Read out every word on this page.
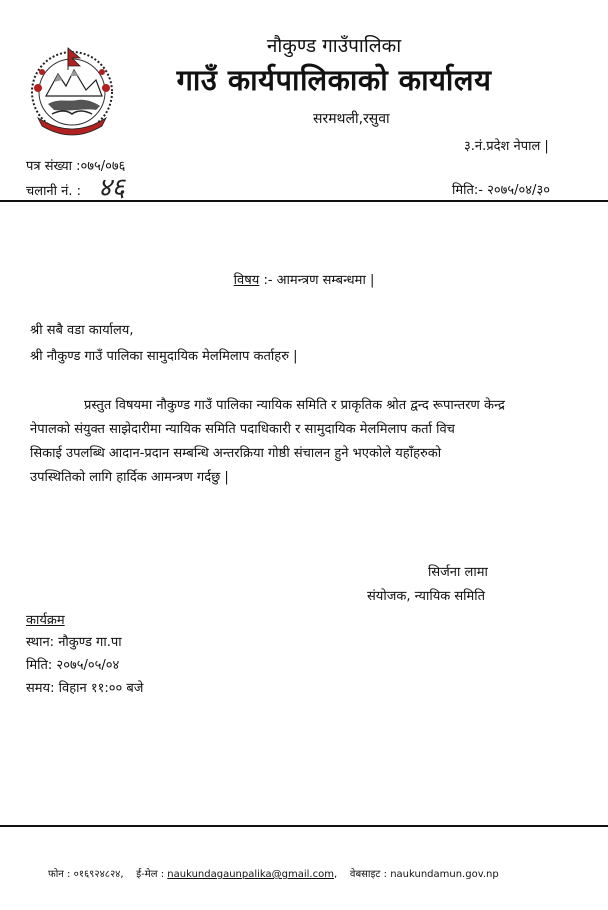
नौकुण्ड गाउँपालिका
गाउँ कार्यपालिकाको कार्यालय
सरमथली,रसुवा
३.नं.प्रदेश नेपाल |
पत्र संख्या :०७५/०७६
चलानी नं. : ४६	मिति:- २०७५/०४/३०
विषय :- आमन्त्रण सम्बन्धमा |
श्री सबै वडा कार्यालय,
श्री नौकुण्ड गाउँ पालिका सामुदायिक मेलमिलाप कर्ताहरु |
प्रस्तुत विषयमा नौकुण्ड गाउँ पालिका न्यायिक समिति र प्राकृतिक श्रोत द्वन्द रूपान्तरण केन्द्र
नेपालको संयुक्त साझेदारीमा न्यायिक समिति पदाधिकारी र सामुदायिक मेलमिलाप कर्ता विच
सिकाई उपलब्धि आदान-प्रदान सम्बन्धि अन्तरक्रिया गोष्ठी संचालन हुने भएकोले यहाँहरुको
उपस्थितिको लागि हार्दिक आमन्त्रण गर्दछु |
सिर्जना लामा
संयोजक, न्यायिक समिति
कार्यक्रम
स्थान: नौकुण्ड गा.पा
मिति: २०७५/०५/०४
समय: विहान ११:०० बजे
फोन : ०१६९२४८२४, ई-मेल : naukundagaunpalika@gmail.com,    वेबसाइट : naukundamun.gov.np
